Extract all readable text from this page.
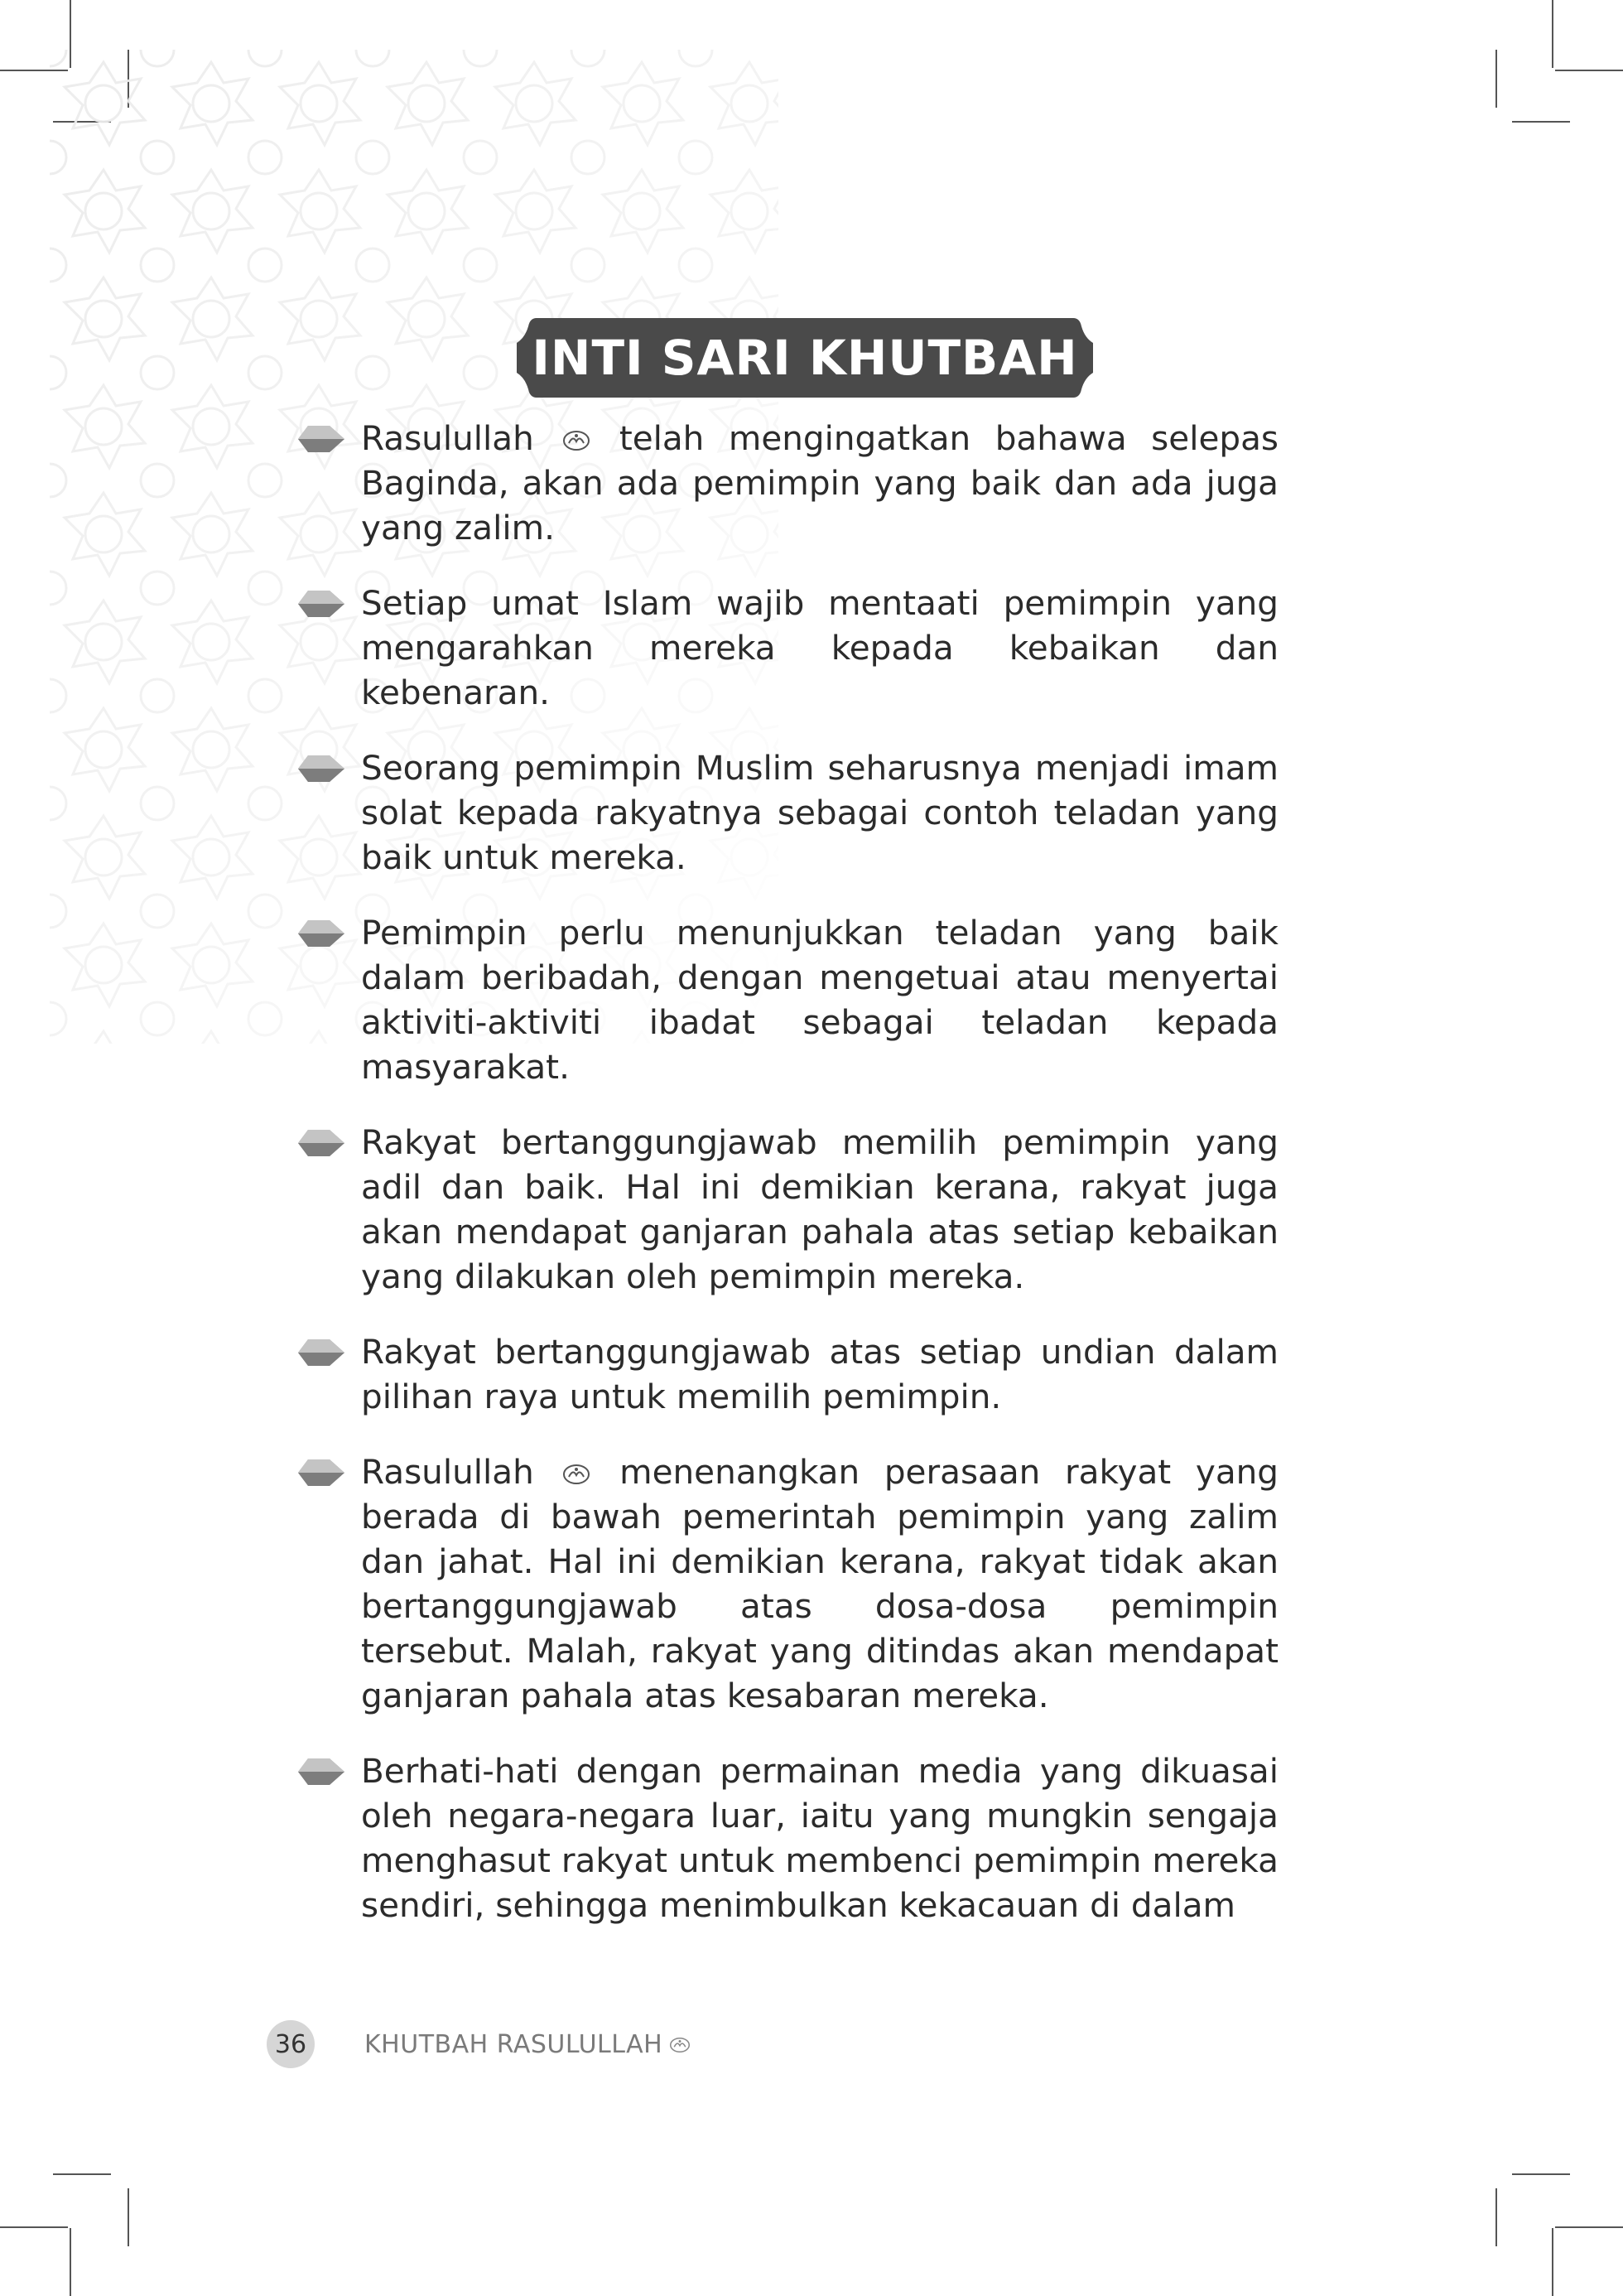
INTI SARI KHUTBAH
Rasulullah	telah mengingatkan bahawa selepas Baginda, akan ada pemimpin yang baik dan ada juga yang zalim.
Setiap umat Islam wajib mentaati pemimpin yang mengarahkan mereka kepada kebaikan dan kebenaran.
Seorang pemimpin Muslim seharusnya menjadi imam solat kepada rakyatnya sebagai contoh teladan yang baik untuk mereka.
Pemimpin perlu menunjukkan teladan yang baik dalam beribadah, dengan mengetuai atau menyertai aktiviti-aktiviti ibadat sebagai teladan kepada masyarakat.
Rakyat bertanggungjawab memilih pemimpin yang adil dan baik. Hal ini demikian kerana, rakyat juga akan mendapat ganjaran pahala atas setiap kebaikan yang dilakukan oleh pemimpin mereka.
Rakyat bertanggungjawab atas setiap undian dalam pilihan raya untuk memilih pemimpin.
Rasulullah	menenangkan perasaan rakyat yang berada di bawah pemerintah pemimpin yang zalim dan jahat. Hal ini demikian kerana, rakyat tidak akan bertanggungjawab atas dosa-dosa pemimpin tersebut. Malah, rakyat yang ditindas akan mendapat ganjaran pahala atas kesabaran mereka.
Berhati-hati dengan permainan media yang dikuasai oleh negara-negara luar, iaitu yang mungkin sengaja menghasut rakyat untuk membenci pemimpin mereka sendiri, sehingga menimbulkan kekacauan di dalam
36	KHUTBAH RASULULLAH
